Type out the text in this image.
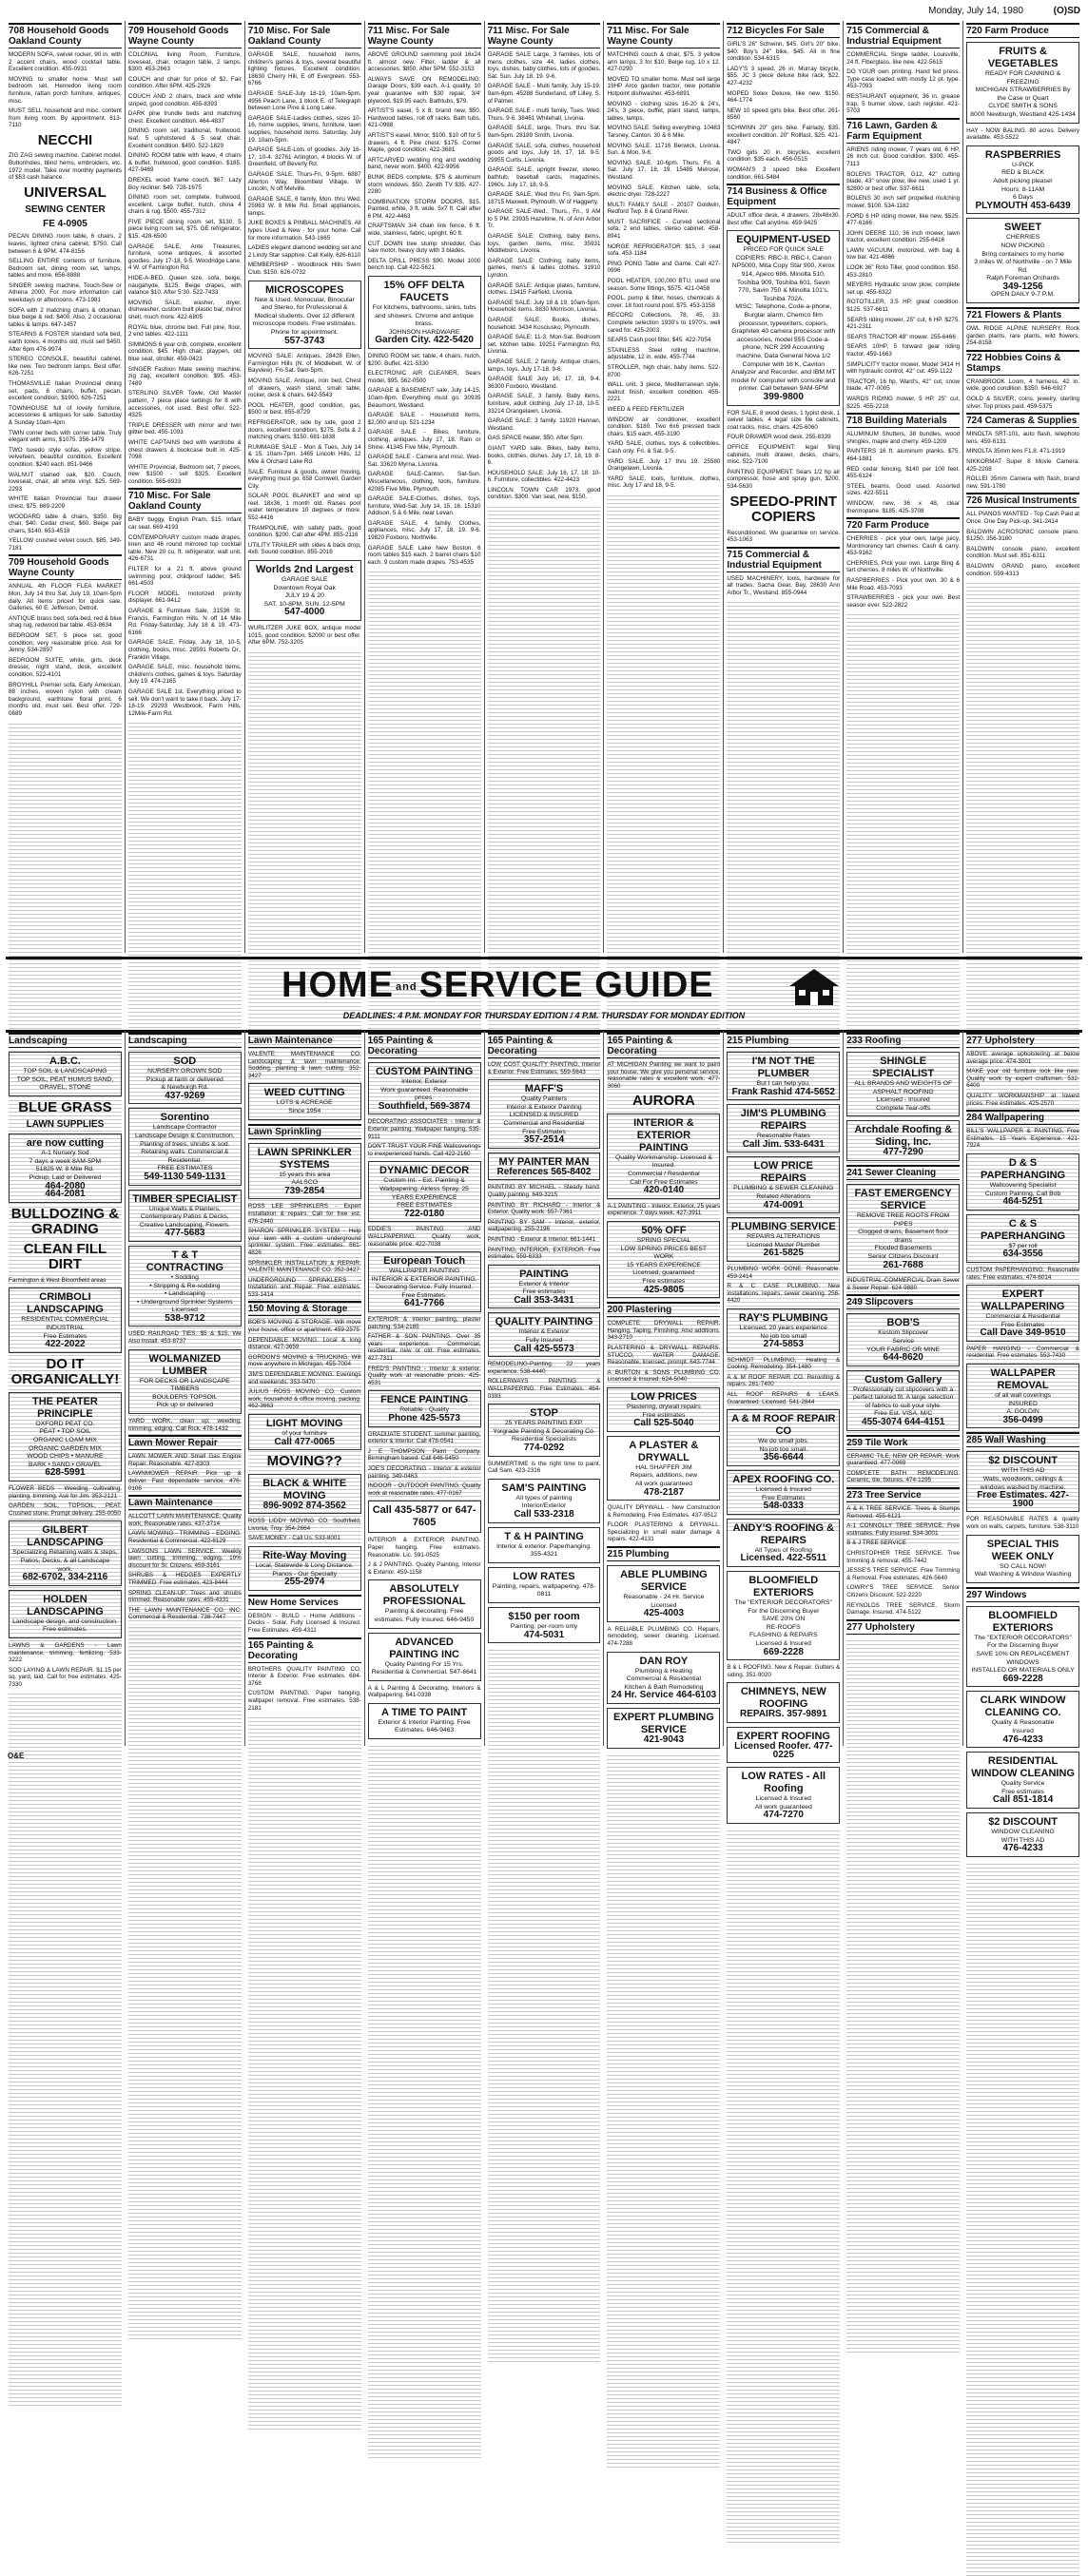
Monday, July 14, 1980	(O)SD
708 Household Goods Oakland County
MODERN SOFA, swivel rocker, 90 in. with 2 accent chairs, wood cocktail table. Excellent condition. 455-0931
MOVING to smaller home. Must sell bedroom set, Henredon living room furniture, rattan porch furniture, antiques, misc.
MUST SELL household and misc. content from living room. By appointment. 613-7110
NECCHI
ZIG ZAG sewing machine. Cabinet model. Buttonholes, blind hems, embroiders, etc. 1972 model. Take over monthly payments of $53 cash balance.
UNIVERSAL
SEWING CENTER
FE 4-0905
PECAN DINING room table, 6 chairs, 2 leaves, lighted china cabinet, $750. Call between 6 & 9PM. 474-8156
SELLING ENTIRE contents of furniture. Bedroom set, dining room set, lamps, tables and more. 656-8888
SINGER sewing machine, Touch-Sew or Athena 2000. For more information call weekdays or afternoons. 473-1981
SOFA with 2 matching chairs & ottoman, blue beige & red. $400. Also, 2 occasional tables & lamps. 647-1457
STEARNS & FOSTER standard sofa bed, earth tones. 4 months old, must sell $450. After 6pm 476-9974
STEREO CONSOLE, beautiful cabinet, like new. Two bedroom lamps. Best offer. 626-7251
THOMASVILLE Italian Provincial dining set, pads, 6 chairs, buffet, pecan, excellent condition, $1900. 626-7251
TOWNHOUSE full of lovely furniture, accessories & antiques for sale. Saturday & Sunday 10am-4pm.
TWIN corner beds with corner table. Truly elegant with arms, $1075. 356-1479
TWO tuxedo style sofas, yellow stripe, velveteen, beautiful condition, Excellent condition. $240 each. 851-9466
WALNUT stained oak, $20. Couch, loveseat, chair, all white vinyl, $25. 569-2293
WHITE Italian Provincial four drawer chest, $75. 669-2209
WOODARD table & chairs, $350. Big chair, $40. Cedar chest, $60. Beige pair chairs, $140. 653-4518
YELLOW crushed velvet couch, $85. 349-7181
709 Household Goods Wayne County
ANNUAL 4th FLOOR FLEA MARKET Mon, July 14 thru Sat, July 19, 10am-5pm daily. All items priced for quick sale. Galleries, 60 E. Jefferson, Detroit.
ANTIQUE brass bed, sofa-bed, red & blue shag rug, redwood bar table. 453-8634
BEDROOM SET, 5 piece set, good condition, very reasonable price. Ask for Jenny. 534-2897
BEDROOM SUITE, white, girls, desk dresser, night stand, desk, excellent condition. 522-4101
BROYHILL Premier sofa, Early American, 88 inches, woven nylon with cream background, earthtone floral print, 6 months old, must sell. Best offer. 729-0689
709 Household Goods Wayne County
COLONIAL living Room, Furniture, loveseat, chair, octagon table, 2 lamps. $300. 453-2663
COUCH and chair for price of $2. Fair condition. After 6PM. 425-2926
COUCH AND 2 chairs, black and white striped, good condition. 455-8393
DARK pine trundle beds and matching chest. Excellent condition. 464-4837
DINING room set, traditional, fruitwood, leaf, 5 upholstered & 5 seat chair. Excellent condition. $450. 522-1829
DINING ROOM table with leave, 4 chairs & buffet, fruitwood, good condition. $185. 427-9469
DREXEL wood frame couch. $67. Lazy Boy recliner. $49. 728-1675
DINING room set, complete, fruitwood, excellent. Large buffet, hutch, china 4 chairs & rug. $500. 455-7312
FIVE PIECE dining room set, $130, 5 piece living room set, $75. GE refrigerator, $15. 428-6500
GARAGE SALE, Ante Treasures, furniture, some antiques, & assorted goodies. July 17-18, 9-5. Woodridge Lane. 4 W. of Farmington Rd.
HIDE-A-BED, Queen size, sofa, beige, naugahyde, $125. Beige drapes, with valance $10. After 5:30. 522-7433
MOVING SALE, washer, dryer, dishwasher, custom built plastic bar, mirror shell, much more. 422-6805
ROYAL blue, chrome bed. Full pine, floor, 2 end tables. 422-1111
SIMMONS 6 year crib, complete, excellent condition, $45. High chair, playpen, old blue seat, stroller. 459-0423
SINGER Fashion Mate sewing machine, zig zag, excellent condition. $95. 453-7489
STERLING SILVER Towle, Old Master pattern, 7 piece place settings for 8 with accessories, not used. Best offer. 522-4325
TRIPLE DRESSER with mirror and twin glitter bed. 455-1093
WHITE CAPTAINS bed with wardrobe & chest drawers & bookcase built in. 425-7098
WHITE Provincial, Bedroom set, 7 pieces, new $1500 - sell $325. Excellent condition. 565-6933
710 Misc. For Sale Oakland County
BABY buggy, English Pram, $15. Infant car seat. 669-4193
CONTEMPORARY custom made drapes, linen and 46 round mirrored top cocktail table. New 20 cu. ft. refrigerator, wall unit. 426-6731
FILTER for a 21 ft. above ground swimming pool, childproof ladder, $45. 661-4503
FLOOR MODEL motorized priority displayer. 661-9412
GARAGE & Furniture Sale, 31536 St. Francis, Farmington Hills. N off 14 Mile Rd. Friday-Saturday, July 18 & 19. 473-6166
GARAGE SALE, Friday, July 18, 10-5, clothing, books, misc. 28591 Roberts Dr., Franklin Village.
GARAGE SALE, misc. household items, children's clothes, games & toys. Saturday July 19. 474-2165
GARAGE SALE 1st. Everything priced to sell. We don't want to take it back. July 17-18-19. 29293 Westbrook, Farm Hills, 12Mile-Farm Rd.
710 Misc. For Sale Oakland County
GARAGE SALE, household items, children's games & toys, several beautiful lighting fixtures. Excellent condition. 18630 Cherry Hill, E off Evergreen. 553-6766
GARAGE SALE-July 18-19, 10am-5pm. 4956 Peach Lane, 1 block E. of Telegraph between Lone Pine & Long Lake.
GARAGE SALE-Ladies clothes, sizes 10-16, home supplies, linens, furniture, lawn supplies, household items. Saturday, July 19. 10am-5pm.
GARAGE SALE-Lots of goodies. July 16-17, 10-4. 32761 Arlington, 4 blocks W. of Greenfield, off Beverly Rd.
GARAGE SALE, Thurs-Fri, 9-5pm. 6887 Allerton Way, Bloomfield Village. W Lincoln, N off Melville.
GARAGE SALE, 6 family, Mon. thru Wed. 25963 W. 8 Mile Rd. Small appliances, lamps.
JUKE BOXES & PINBALL MACHINES. All types Used & New - for your home. Call for more information. 543-1665
LADIES elegant diamond wedding set and 2 Lindy Star sapphire. Call Kelly. 626-6110
MEMBERSHIP - Woodbrook Hills Swim Club. $150. 626-0732
MICROSCOPES
New & Used. Monocular, Binocular and Stereo, for Professional & Medical students. Over 12 different microscope models. Free estimates. Phone for appointment.
557-3743
MOVING SALE: Antiques, 28428 Ellen, Farmington Hills (N. of Middlebelt, W. of Bayview). Fri-Sat. 9am-5pm.
MOVING SALE, Antique, iron bed, Chest of drawers, wash stand, small table, rocker, desk & chairs. 642-5543
POOL HEATER, good condition, gas, $500 or best. 855-8729
REFRIGERATOR, side by side, good 2 doors, excellent condition, $275. Sofa & 2 matching chairs, $150. 681-1838
RUMMAGE SALE - Mon & Tues, July 14 & 15. 10am-7pm. 1465 Lincoln Hills, 12 Mile & Orchard Lake Rd.
SALE: Furniture & goods, owner moving, everything must go. 658 Cornwell, Garden City.
SOLAR POOL BLANKET and wind up reel. 18x36, 1 month old. Raises pool water temperature 10 degrees or more. 552-4416
TRAMPOLINE, with safety pads, good condition. $200. Call after 4PM. 855-2116
UTILITY TRAILER with sides & back drop, 4x8. Sound condition. 855-2016
Worlds 2nd Largest
GARAGE SALE
Downtown Royal Oak
JULY 19 & 20
SAT. 10-8PM, SUN. 12-5PM
547-4000
WURLITZER JUKE BOX, antique model 1015, good condition, $2000 or best offer. After 6PM. 752-3205
711 Misc. For Sale Wayne County
ABOVE GROUND swimming pool 16x24 ft. almost new. Filter, ladder & all accessories. $850. After 5PM. 552-3153
ALWAYS SAVE ON REMODELING: Garage Doors, $39 each, A-1 quality, 10 year guarantee with $30 repair, 3/4' plywood, $19.95 each. Bathtubs, $79.
ARTIST'S easel, 5 x 8, brand new, $50. Hardwood tables, roll off racks. Bath tubs. 421-0988
ARTIST'S easel. Mirror, $100. $10 off for 5 drawers. 4 ft. Pine chest. $175. Corner Maple, good condition. 422-3681
ARTCARVED wedding ring and wedding band, never worn. $400. 422-9956
BUNK BEDS complete, $75 & aluminum storm windows, $50. Zenith TV $35. 427-2280
COMBINATION STORM DOORS, $15. Painted, white, 3 ft. wide. 5x7 ft. Call after 6 PM. 422-4463
CRAFTSMAN 3/4 chain link fence, 6 ft. wide, stainless, fabric, upright, 60 ft.
CUT DOWN tree stump shredder, Gas saw motor, heavy duty with 3 blades.
DELTA DRILL PRESS $90. Model 1000 bench top. Call 422-5621
15% OFF DELTA FAUCETS
For kitchens, bathrooms, sinks, tubs and showers. Chrome and antique brass.
JOHNSON HARDWARE
Garden City. 422-5420
DINING ROOM set: table, 4 chairs, hutch, $200. Buffet. 421-5330
ELECTRONIC AIR CLEANER, Sears model, $95. 562-0500
GARAGE & BASEMENT sale, July 14-15, 10am-8pm. Everything must go. 30935 Beaumont, Westland.
GARAGE SALE - Household items, $2,000 and up. 521-1234
GARAGE SALE - Bikes, furniture, clothing, antiques. July 17, 18. Rain or Shine. 41345 Five Mile, Plymouth.
GARAGE SALE - Camera and misc. Wed-Sat. 33620 Myrna, Livonia.
GARAGE SALE-Canton. Sat-Sun. Miscellaneous, clothing, tools, furniture. 42085 Five Mile, Plymouth.
GARAGE SALE-Clothes, dishes, toys, furniture, Wed-Sat, July 14, 15, 16. 15310 Addison, 5 & 6 Mile, near Levan.
GARAGE SALE, 4 family. Clothes, appliances, misc. July 17, 18, 19. 9-6. 19820 Foxboro, Northville.
GARAGE SALE Lake New Boston. 6 room tables $15 each. 2 barrel chairs $10 each. 9 custom made drapes. 753-4535
711 Misc. For Sale Wayne County
GARAGE SALE Large, 3 families, lots of mens clothes, size 44, ladies clothes, toys, dishes, baby clothes, lots of goodies. Sat. Sun. July 18, 19. 9-6.
GARAGE SALE - Multi family, July 15-19. 9am-6pm. 45288 Sunderland, off Lilley, S. of Palmer.
GARAGE SALE - multi family, Tues. Wed. Thurs. 9-6. 38461 Whitehall, Livonia.
GARAGE SALE, large, Thurs. thru Sat. 9am-5pm. 28189 Smith, Livonia.
GARAGE SALE, sofa, clothes, household goods and toys. July 16, 17, 18. 9-5. 29955 Curtis, Livonia.
GARAGE SALE, upright freezer, stereo, bathtub, baseball cards, magazines, 1960s. July 17, 18, 9-5.
GARAGE SALE, Wed thru Fri, 9am-5pm. 18715 Maxwell, Plymouth. W of Haggerty.
GARAGE SALE-Wed., Thurs., Fri., 9 AM to 5 PM. 23935 Hazeltine, N. of Ann Arbor Tr.
GARAGE SALE: Clothing, baby items, toys, garden items, misc. 35931 Middleboro, Livonia.
GARAGE SALE: Clothing, baby items, games, men's & ladies clothes. 31910 Lyndon.
GARAGE SALE: Antique plates, furniture, clothes. 13415 Fairfield, Livonia.
GARAGE SALE: July 18 & 19, 10am-5pm. Household items. 8830 Morrison, Livonia.
GARAGE SALE: Books, dishes, household. 3434 Kosciusko, Plymouth.
GARAGE SALE: 11-3. Mon-Sat. Bedroom set, kitchen table. 19251 Farmington Rd, Livonia.
GARAGE SALE, 2 family. Antique chairs, lamps, toys. July 17-18. 9-6.
GARAGE SALE July 16, 17, 18, 9-4. 36300 Foxboro, Westland.
GARAGE SALE, 3 family. Baby items, furniture, adult clothing. July 17-18, 10-5. 33214 Orangelawn, Livonia.
GARAGE SALE: 3 family. 11920 Hannan, Westland.
GAS SPACE heater, $50. After 5pm.
GIANT YARD sale. Bikes, baby items, books, clothes, dishes. July 17, 18, 19. 8-6.
HOUSEHOLD SALE: July 16, 17, 18. 10-6. Furniture, collectibles. 422-4423
LINCOLN TOWN CAR 1973, good condition. $300. Van seat, new, $150.
711 Misc. For Sale Wayne County
MATCHING couch & chair, $75, 3 yellow arm lamps, 3 for $10. Beige rug, 10 x 12. 427-0290
MOVED TO smaller home. Must sell large 19HP Arco garden tractor, new portable Hotpoint dishwasher. 453-6891
MOVING - clothing sizes 16-20 & 24's, 24's, 3 piece, buffet, plant stand, lamps, tables, lamps.
MOVING SALE: Selling everything. 10483 Tarsney, Canton. 30 & 6 Mile.
MOVING SALE. 11716 Berwick, Livonia. Sun. & Mon. 9-6.
MOVING SALE. 10-6pm. Thurs. Fri. & Sat. July 17, 18, 19. 15485 Melrose, Westland.
MOVING SALE. Kitchen table, sofa, electric dryer. 728-2227
MULTI FAMILY SALE - 20107 Goldwin, Redford Twp. 8 & Grand River.
MUST SACRIFICE - Curved sectional sofa, 2 end tables, stereo cabinet. 458-8941
NORGE REFRIGERATOR $15, 3 seat sofa. 453-1184
PING PONG Table and Game. Call 427-0996
POOL HEATER, 100,000 BTU, used one season. Some fittings, $575. 421-0458
POOL, pump & filter, hoses, chemicals & cover. 18 foot round pool. $75. 453-3158
RECORD Collections, 78, 45, 33. Complete selection 1930's to 1970's, well cared for. 425-2003
SEARS Cash pool filter, $45. 422-7054
STAINLESS Steel rolling machine, adjustable, 12 in. wide. 455-7744
STROLLER, high chair, baby items. 522-8700
WALL unit, 3 piece, Mediterranean style, walnut finish, excellent condition. 455-2221
WEED & FEED FERTILIZER
WINDOW air conditioner, excellent condition. $180. Two 6x6 pressed back chairs. $15 each. 455-3190
YARD SALE, clothes, toys & collectibles. Cash only. Fri. & Sat. 9-5.
YARD SALE. July 17 thru 19. 25580 Orangelawn, Livonia.
YARD SALE, tools, furniture, clothes, misc. July 17 and 18, 9-5.
712 Bicycles For Sale
GIRL'S 26" Schwinn, $45. Girl's 20" bike, $40. Boy's 24" bike, $45. All in fine condition. 534-6315
LADY'S 3 speed, 26 in. Murray bicycle, $55. JC 3 piece deluxe bike rack, $22. 427-4232
MOPED Solex Deluxe, like new. $150. 464-1774
NEW 10 speed girls bike. Best offer. 261-8560
SCHWINN 20" girls bike. Fairlady, $35. excellent condition. 20" Rollfast, $25. 421-4847
TWO girls 20 in. bicycles, excellent condition. $35 each. 456-0515
WOMAN'S 3 speed bike. Excellent condition. 661-5484
714 Business & Office Equipment
ADULT office desk, 4 drawers, 28x48x30. Best offer. Call anytime. 459-9425
EQUIPMENT-USED
PRICED FOR QUICK SALE COPIERS: RBC-II, RBC-I, Canon NP5000, Mita Copy Star 900, Xerox 914, Apeco 686, Minolta 510, Toshiba 909, Toshiba 601, Savin 770, Savin 750 & Minolta 101's, Toshiba 702A.
MISC: Telephone, Code-a-phone, Burglar alarm, Chemco film processor, typewriters, copiers, Graphitek 40 camera processor with accessories, model 555 Code-a-phone, NCR 299 Accounting machine, Data General Nova 1/2 Computer with 16 K, Caviton Analyzer and Recorder, and IBM MT model IV computer with console and printer. Call between 9AM-5PM
399-9800
FOR SALE, 8 wood desks, 1 typist desk, 1 swivel tables, 4 legal size file cabinets, coat racks, misc. chairs. 425-6060
FOUR DRAWER wood desk. 255-8339
OFFICE EQUIPMENT: legal filing cabinets, multi drawer, desks, chairs, misc. 522-7100
PAINTING EQUIPMENT: Sears 1/2 hp air compressor, hose and spray gun, $200. 534-5630
SPEEDO-PRINT COPIERS
Reconditioned. We guarantee on service. 453-1063
715 Commercial & Industrial Equipment
USED MACHINERY, tools, hardware for all trades. Sacha Gear, Bay, 28630 Ann Arbor Tr., Westland. 855-0944
715 Commercial & Industrial Equipment
COMMERCIAL Single ladder, Louisville, 24 ft. Fiberglass, like new. 422-5615
DO YOUR own printing. Hand fed press. Type case loaded with mostly 12 pt. type. 453-7093
RESTAURANT equipment, 36 in. grease trap, 5 burner stove, cash register. 421-5703
716 Lawn, Garden & Farm Equipment
ARIENS riding mower, 7 years old, 6 HP, 26 inch cut. Good condition. $300. 455-7113
BOLENS TRACTOR, G12, 42" cutting blade, 43" snow plow, like new, used 1 yr. $2800 or best offer. 537-6611
BOLENS 30 inch self propelled mulching mower, $100. 534-1182
FORD 6 HP riding mower, like new, $525. 477-6166
JOHN DEERE 110, 36 inch mower, lawn tractor, excellent condition. 255-6416
LAWN VACUUM, motorized, with bag & tow bar. 421-4866
LOOK 36" Roto Tiller, good condition. $50. 453-2810
MEYERS Hydraulic snow plow, complete set up. 455-6322
ROTOTILLER, 3.5 HP, great condition. $125. 537-6611
SEARS riding mower, 25" cut, 6 HP. $275. 421-2311
SEARS TRACTOR 48" mower. 255-6466
SEARS 10HP, 5 forward gear riding tractor. 459-1663
SIMPLICITY tractor mower, Model 3414 H with hydraulic control, 42" cut. 459-1122
TRACTOR, 16 hp, Ward's, 42" cut, snow blade. 477-0005
WARDS RIDING mower, 5 HP, 25" cut, $225. 455-2218
718 Building Materials
ALUMINUM Shutters, 38 bundles, wood shingles, maple and cherry. 459-1209
PAINTERS 16 ft. aluminum planks. $75. 464-1881
RED cedar fencing, $140 per 100 feet. 455-6124
STEEL beams. Good used. Assorted sizes. 422-5511
WINDOW, new, 36 x 48, clear thermopane. $185. 425-3708
720 Farm Produce
CHERRIES - pick your own, large juicy, Montmorency tart cherries. Cash & carry. 453-9162
CHERRIES, Pick your own. Large Bing & tart cherries. 8 miles W. of Northville.
RASPBERRIES - Pick your own. 30 & 6 Mile Road. 453-7093
STRAWBERRIES - pick your own. Best season ever. 522-2822
720 Farm Produce
FRUITS & VEGETABLES
READY FOR CANNING & FREEZING
MICHIGAN STRAWBERRIES By the Case or Quart
CLYDE SMITH & SONS
8000 Newburgh, Westland 425-1434
HAY - NOW BALING. 80 acres. Delivery available. 453-5522
RASPBERRIES
U-PICK
RED & BLACK
Adult picking please!
Hours: 8-11AM
6 Days
PLYMOUTH 453-6439
SWEET
CHERRIES
NOW PICKING
Bring containers to my home
3 miles W. of Northville - on 7 Mile Rd.
Ralph Foreman Orchards
349-1256
OPEN DAILY 9-7 P.M.
721 Flowers & Plants
OWL RIDGE ALPINE NURSERY. Rock garden plants, rare plants, wild flowers. 254-8158
722 Hobbies Coins & Stamps
CRANBROOK Loom, 4 harness, 42 in. wide, good condition. $350. 646-6927
GOLD & SILVER, coins, jewelry, sterling silver. Top prices paid. 459-5375
724 Cameras & Supplies
MINOLTA SRT-101, auto flash, telephoto lens. 459-6131
MINOLTA 35mm lens F1.8. 471-1919
NIKKORMAT Super 8 Movie Camera. 425-2208
ROLLEI 35mm Camera with flash, brand new. 591-1780
726 Musical Instruments
ALL PIANOS WANTED - Top Cash Paid at Once. One Day Pick-up. 341-2414
BALDWIN ACROSONIC console piano. $1250. 356-3180
BALDWIN console piano, excellent condition. Must sell. 851-6311
BALDWIN GRAND piano, excellent condition. 559-4313
HOME andSERVICE GUIDE
DEADLINES: 4 P.M. MONDAY FOR THURSDAY EDITION / 4 P.M. THURSDAY FOR MONDAY EDITION
Landscaping
A.B.C.
TOP SOIL & LANDSCAPING
TOP SOIL, PEAT HUMUS SAND, GRAVEL, STONE
BLUE GRASS
LAWN SUPPLIES
are now cutting
A-1 Nursery Sod
7 days a week 8AM-5PM
51825 W. 8 Mile Rd.
Pickup, Laid or Delivered
464-2080
464-2081
BULLDOZING & GRADING
CLEAN FILL DIRT
Farmington & West Bloomfield areas
CRIMBOLI LANDSCAPING
RESIDENTIAL COMMERCIAL INDUSTRIAL
Free Estimates
422-2022
DO IT ORGANICALLY!
THE PEATER PRINCIPLE
OXFORD PEAT CO.
PEAT • TOP SOIL
ORGANIC LOAM MIX
ORGANIC GARDEN MIX
WOOD CHIPS • MANURE
BARK • SAND • GRAVEL
628-5991
FLOWER BEDS - Weeding, cultivating, planting, trimming. Ask for Jim. 353-2121
GARDEN SOIL, TOPSOIL, PEAT. Crushed stone. Prompt delivery. 255-0050
GILBERT LANDSCAPING
Specializing Retaining walls & steps, Patios, Decks, & all Landscape work.
682-6702, 334-2116
HOLDEN LANDSCAPING
Landscape design, and construction. Free estimates.
LAWNS & GARDENS - Lawn maintenance, trimming, fertilizing. 533-3222
SOD LAYING & LAWN REPAIR. $1.15 per sq. yard, laid. Call for free estimates. 425-7330
Landscaping
SOD
NURSERY GROWN SOD
Pickup at farm or delivered
& Newburgh Rd.
437-9269
Sorentino
Landscape Contractor
Landscape Design & Construction. Planting of trees, shrubs & sod. Retaining walls. Commercial & Residential.
FREE ESTIMATES
549-1130 549-1131
TIMBER SPECIALIST
Unique Walls & Planters, Contemporary Patios & Decks, Creative Landscaping, Flowers.
477-5683
T & T CONTRACTING
• Sodding
• Stripping & Re-sodding
• Landscaping
• Underground Sprinkler Systems
Licensed
538-9712
USED RAILROAD TIES. $5 & $15. We Also Install. 453-8737
WOLMANIZED LUMBER
FOR DECKS OR LANDSCAPE TIMBERS
BOULDERS TOPSOIL
Pick up or delivered
YARD WORK, clean up, weeding, trimming, edging. Call Rick. 478-1432
Lawn Mower Repair
LAWN MOWER AND Small Gas Engine Repair. Reasonable. 427-8303
LAWNMOWER REPAIR. Pick up & deliver. Fast dependable service. 476-0106
Lawn Maintenance
ALLCOTT LAWN MAINTENANCE. Quality work, Reasonable rates. 437-3714
LAWN MOWING - TRIMMING - EDGING. Residential & Commercial. 422-8129
LAWSONS LAWN SERVICE. Weekly lawn cutting, trimming, edging. 10% discount for Sr. Citizens. 459-3161
SHRUBS & HEDGES EXPERTLY TRIMMED. Free estimates. 423-8444
SPRING CLEAN-UP. Trees and shrubs trimmed. Reasonable rates. 455-4331
THE LAWN MAINTENANCE CO. INC. Commercial & Residential. 738-7447
Lawn Maintenance
VALENTE MAINTENANCE CO. Landscaping & lawn maintenance. Sodding, planting & lawn cutting. 352-3427
WEED CUTTING
LOTS & ACREAGE
Since 1954
Lawn Sprinkling
LAWN SPRINKLER SYSTEMS
15 years this area
AALSCO
739-2854
ROSS LEE SPRINKLERS - Expert installation & repairs. Call for free est. 476-2440
SHARON SPRINKLER SYSTEM - Help your lawn with a custom underground sprinkler system. Free estimates. 661-4826
SPRINKLER INSTALLATION & REPAIR. VALENTE MAINTENANCE CO. 352-3427
UNDERGROUND SPRINKLERS - Installation and Repair. Free estimates. 533-1414
150 Moving & Storage
BOB'S MOVING & STORAGE. Will move your house, office or apartment. 459-2575
DEPENDABLE MOVING. Local & long distance. 427-3659
GORDON'S MOVING & TRUCKING. Will move anywhere in Michigan. 455-7004
JIM'S DEPENDABLE MOVING. Evenings and weekends. 353-0470
JULIUS ROSS MOVING CO. Custom work, household & office moving, packing. 462-3663
LIGHT MOVING
of your furniture
Call 477-0065
MOVING??
BLACK & WHITE MOVING
896-9092 874-3562
ROSS LIDDY MOVING CO. Southfield, Livonia, Troy. 354-2664
SAVE MONEY - Call Us. 533-8001
Rite-Way Moving
Local, Statewide & Long Distance. Pianos - Our Specialty
255-2974
New Home Services
DESIGN - BUILD - Home Additions - Decks - Solar. Fully Licensed & Insured. Free Estimates. 459-4311
165 Painting & Decorating
BROTHERS QUALITY PAINTING CO. Interior & Exterior. Free estimates. 684-3768
CUSTOM PAINTING. Paper hanging, wallpaper removal. Free estimates. 538-2181
165 Painting & Decorating
CUSTOM PAINTING
Interior, Exterior
Work guaranteed. Reasonable prices.
Southfield, 569-3874
DECORATING ASSOCIATES - Interior & Exterior painting. Wallpaper hanging. 535-9111
DON'T TRUST YOUR FINE Wallcoverings to inexperienced hands. Call 422-2160
DYNAMIC DECOR
Custom Int. - Ext. Painting & Wallpapering. Airless Spray. 25 YEARS EXPERIENCE
FREE ESTIMATES
722-0180
EDDIE'S PAINTING AND WALLPAPERING. Quality work, reasonable price. 422-7038
European Touch
WALLPAPER PAINTING
INTERIOR & EXTERIOR PAINTING. Decorating Service. Fully Insured. Free Estimates.
641-7766
EXTERIOR & interior painting, plaster patching. 534-2185
FATHER & SON PAINTING. Over 35 years experience. Commercial, residential, new or old. Free estimates. 427-7311
FRED'S PAINTING - Interior & exterior. Quality work at reasonable prices. 425-4531
FENCE PAINTING
Reliable - Quality
Phone 425-5573
GRADUATE STUDENT, summer painting, exterior & interior. Call 478-0541
J E THOMPSON Paint Company. Birmingham based. Call 646-5450
JOE'S DECORATING - Interior & exterior painting. 349-0463
INDOOR - OUTDOOR PAINTING. Quality work at reasonable rates. 477-0167
Call 435-5877 or 647-7605
INTERIOR & EXTERIOR PAINTING. Paper hanging. Free estimates. Reasonable. Lic. 591-0525
J & J PAINTING. Quality Painting, Interior & Exterior. 459-1158
ABSOLUTELY PROFESSIONAL
Painting & decorating. Free estimates. Fully Insured. 646-9450
ADVANCED PAINTING INC
Quality Painting For 15 Yrs. Residential & Commercial. 547-6641
A & L Painting & Decorating. Interiors & Wallpapering. 641-0338
A TIME TO PAINT
Exterior & Interior Painting. Free Estimates. 646-9463
165 Painting & Decorating
LOW COST QUALITY PAINTING. Interior & Exterior. Free Estimates. 559-5643
MAFF'S
Quality Painters
Interior & Exterior Painting
LICENSED & INSURED
Commercial and Residential
Free Estimates
357-2514
MY PAINTER MAN
References 565-8402
PAINTING BY MICHAEL - Steady hand. Quality painting. 649-3215
PAINTING BY RICHARD - Interior & Exterior. Quality work. 557-7361
PAINTING BY SAM - Interior, exterior, wallpapering. 255-2196
PAINTING - Exterior & Interior. 661-1441
PAINTING, INTERIOR, EXTERIOR. Free estimates. 559-6333
PAINTING
Exterior & Interior
Free estimates
Call 353-3431
QUALITY PAINTING
Interior & Exterior
Fully Insured
Call 425-5573
REMODELING-Painting. 22 years experience. 538-4440
ROLLERWAYS PAINTING & WALLPAPERING. Free Estimates. 464-0393
STOP
25 YEARS PAINTING EXP.
Yorgrade Painting & Decorating Co.
Residential Specialists
774-0292
SUMMERTIME is the right time to paint. Call Sam. 423-2316
SAM'S PAINTING
All types of painting
Interior/Exterior
Call 533-2318
T & H PAINTING
Interior & exterior. Paperhanging. 355-4321
LOW RATES
Painting, repairs, wallpapering. 478-0811
$150 per room
Painting; per-room only
474-5031
165 Painting & Decorating
AT MICHIGAN Painting we want to paint your house. We give you personal service, reasonable rates & excellent work. 477-3060
AURORA
INTERIOR & EXTERIOR PAINTING
Quality Workmanship. Licensed & Insured.
Commercial / Residential
Call For Free Estimates
420-0140
A-1 PAINTING - Interior, Exterior, 25 years experience. 7 days week. 427-3911
50% OFF
SPRING SPECIAL
LOW SPRING PRICES BEST WORK
15 YEARS EXPERIENCE
Licensed, guaranteed
Free estimates
425-9805
200 Plastering
COMPLETE DRYWALL REPAIR. Hanging, Taping, Finishing. Also additions. 343-2710
PLASTERING & DRYWALL REPAIRS. STUCCO, WATER DAMAGE. Reasonable, licensed, prompt. 643-7744
A BURTON & SONS PLUMBING CO. Licensed & Insured. 624-5040
LOW PRICES
Plastering, drywall repairs
Free estimates
Call 525-5040
A PLASTER & DRYWALL
HAL SHAFFER JIM
Repairs, additions, new
All work guaranteed
478-2187
QUALITY DRYWALL - New Construction & Remodeling. Free Estimates. 437-9512
FLOOR PLASTERING & DRYWALL. Specializing in small water damage & repairs. 422-4131
215 Plumbing
ABLE PLUMBING SERVICE
Reasonable - 24 Hr. Service
Licensed
425-4003
A RELIABLE PLUMBING CO. Repairs, remodeling, sewer cleaning. Licensed. 474-7288
DAN ROY
Plumbing & Heating
Commercial & Residential
Kitchen & Bath Remodeling
24 Hr. Service 464-6103
EXPERT PLUMBING SERVICE
421-9043
215 Plumbing
I'M NOT THE PLUMBER
But I can help you.
Frank Rashid 474-5652
JIM'S PLUMBING REPAIRS
Reasonable Rates
Call Jim. 533-6431
LOW PRICE REPAIRS
PLUMBING & SEWER CLEANING
Related Alterations
474-0091
PLUMBING SERVICE
REPAIRS ALTERATIONS
Licensed Master Plumber
261-5825
PLUMBING WORK DONE. Reasonable. 459-2414
R & C CASE PLUMBING. New installations, repairs, sewer cleaning. 256-4420
RAY'S PLUMBING
Licensed, 20 years experience
No job too small
274-5853
SCHMIDT PLUMBING, Heating & Cooling. Remodeling. 354-1480
A & M ROOF REPAIR CO. Reroofing & repairs. 261-7400
ALL ROOF REPAIRS & LEAKS. Guaranteed. Licensed. 541-2844
A & M ROOF REPAIR CO
We do small jobs.
No job too small.
356-6644
APEX ROOFING CO.
Licensed & Insured
Free Estimates
548-0333
ANDY'S ROOFING & REPAIRS
All Types of Roofing
Licensed. 422-5511
BLOOMFIELD EXTERIORS
The "EXTERIOR DECORATORS" For the Discerning Buyer
SAVE 20% ON
RE-ROOFS
FLASHING & REPAIRS
Licensed & Insured
669-2228
B & L ROOFING. New & Repair. Gutters & siding. 351-9020
CHIMNEYS, NEW ROOFING
REPAIRS. 357-9891
EXPERT ROOFING
Licensed Roofer. 477-0225
LOW RATES - All Roofing
Licensed & Insured
All work guaranteed
474-7270
233 Roofing
SHINGLE SPECIALIST
ALL BRANDS AND WEIGHTS OF ASPHALT ROOFING
Licensed - Insured
Complete Tear-offs
Archdale Roofing & Siding, Inc.
477-7290
241 Sewer Cleaning
FAST EMERGENCY SERVICE
REMOVE TREE ROOTS FROM PIPES
Clogged drains, Basement floor drains
Flooded Basements
Senior Citizens Discount
261-7688
INDUSTRIAL-COMMERCIAL Drain Sewer & Sewer Repair. 624-9880
249 Slipcovers
BOB'S
Kustom Slipcover
Service
YOUR FABRIC OR MINE
644-8620
Custom Gallery
Professionally cut slipcovers with a perfect tailored fit. A large selection of fabrics to suit your style.
Free Est. VISA, M/C
455-3074 644-4151
259 Tile Work
CERAMIC TILE, NEW OR REPAIR. Work guaranteed. 477-0069
COMPLETE BATH REMODELING. Ceramic, tile, fixtures. 474-1295
273 Tree Service
A & K TREE SERVICE. Trees & Stumps Removed. 455-6121
A-1 CONNOLLY TREE SERVICE. Free estimates. Fully insured. 534-3001
B & J TREE SERVICE
CHRISTOPHER TREE SERVICE. Tree trimming & removal. 455-7442
JESSE'S TREE SERVICE. Free Trimming & Removal. Free estimates. 426-5640
LOWRY'S TREE SERVICE. Senior Citizens Discount. 522-2220
REYNOLDS TREE SERVICE. Storm Damage. Insured. 474-5122
277 Upholstery
277 Upholstery
ABOVE average upholstering at below average price. 474-3001
MAKE your old furniture look like new. Quality work by expert craftsmen. 532-6400
QUALITY WORKMANSHIP at lowest prices. Free estimates. 425-2570
284 Wallpapering
BILL'S WALLPAPER & PAINTING. Free Estimates. 15 Years Experience. 421-7924
D & S PAPERHANGING
Wallcovering Specialist
Custom Painting, Call Bob
464-5251
C & S PAPERHANGING
$7 per roll
634-3556
CUSTOM PAPERHANGING. Reasonable rates. Free estimates. 474-6014
EXPERT WALLPAPERING
Commercial & Residential
Free Estimates
Call Dave 349-9510
PAPER HANGING - Commercial & residential. Free estimates. 553-7430
WALLPAPER REMOVAL
of all wall coverings
INSURED
A. GOLDIN
356-0499
285 Wall Washing
$2 DISCOUNT
WITH THIS AD
Walls, woodwork, ceilings & windows washed by machine.
Free Estimates. 427-1900
FOR REASONABLE RATES & quality work on walls, carpets, furniture. 538-3110
SPECIAL THIS WEEK ONLY
SO CALL NOW!
Wall Washing & Window Washing
297 Windows
BLOOMFIELD EXTERIORS
The "EXTERIOR DECORATORS" For the Discerning Buyer
SAVE 10% ON REPLACEMENT
WINDOWS
INSTALLED OR MATERIALS ONLY
669-2228
CLARK WINDOW CLEANING CO.
Quality & Reasonable
Insured
476-4233
RESIDENTIAL WINDOW CLEANING
Quality Service
Free estimates
Call 851-1814
$2 DISCOUNT
WINDOW CLEANING
WITH THIS AD
476-4233
O&E
